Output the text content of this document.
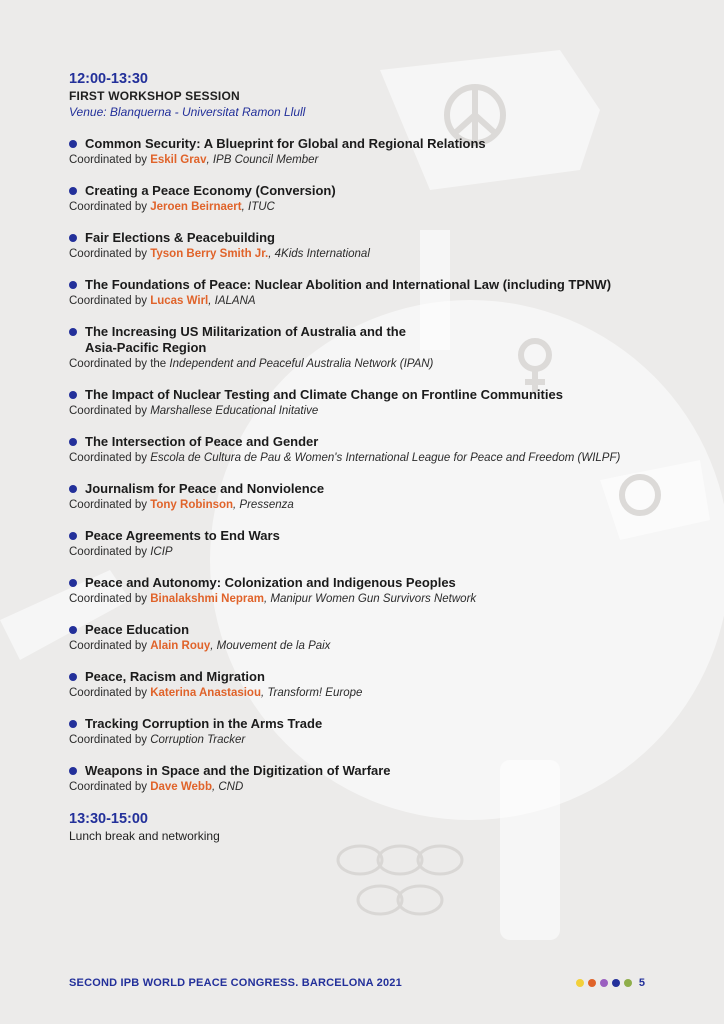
12:00-13:30
FIRST WORKSHOP SESSION
Venue: Blanquerna - Universitat Ramon Llull
Common Security: A Blueprint for Global and Regional Relations
Coordinated by Eskil Grav, IPB Council Member
Creating a Peace Economy (Conversion)
Coordinated by Jeroen Beirnaert, ITUC
Fair Elections & Peacebuilding
Coordinated by Tyson Berry Smith Jr., 4Kids International
The Foundations of Peace: Nuclear Abolition and International Law (including TPNW)
Coordinated by Lucas Wirl, IALANA
The Increasing US Militarization of Australia and the
Asia-Pacific Region
Coordinated by the Independent and Peaceful Australia Network (IPAN)
The Impact of Nuclear Testing and Climate Change on Frontline Communities
Coordinated by Marshallese Educational Initative
The Intersection of Peace and Gender
Coordinated by Escola de Cultura de Pau & Women's International League for Peace and Freedom (WILPF)
Journalism for Peace and Nonviolence
Coordinated by Tony Robinson, Pressenza
Peace Agreements to End Wars
Coordinated by ICIP
Peace and Autonomy: Colonization and Indigenous Peoples
Coordinated by Binalakshmi Nepram, Manipur Women Gun Survivors Network
Peace Education
Coordinated by Alain Rouy, Mouvement de la Paix
Peace, Racism and Migration
Coordinated by Katerina Anastasiou, Transform! Europe
Tracking Corruption in the Arms Trade
Coordinated by Corruption Tracker
Weapons in Space and the Digitization of Warfare
Coordinated by Dave Webb, CND
13:30-15:00
Lunch break and networking
SECOND IPB WORLD PEACE CONGRESS. BARCELONA 2021	5
